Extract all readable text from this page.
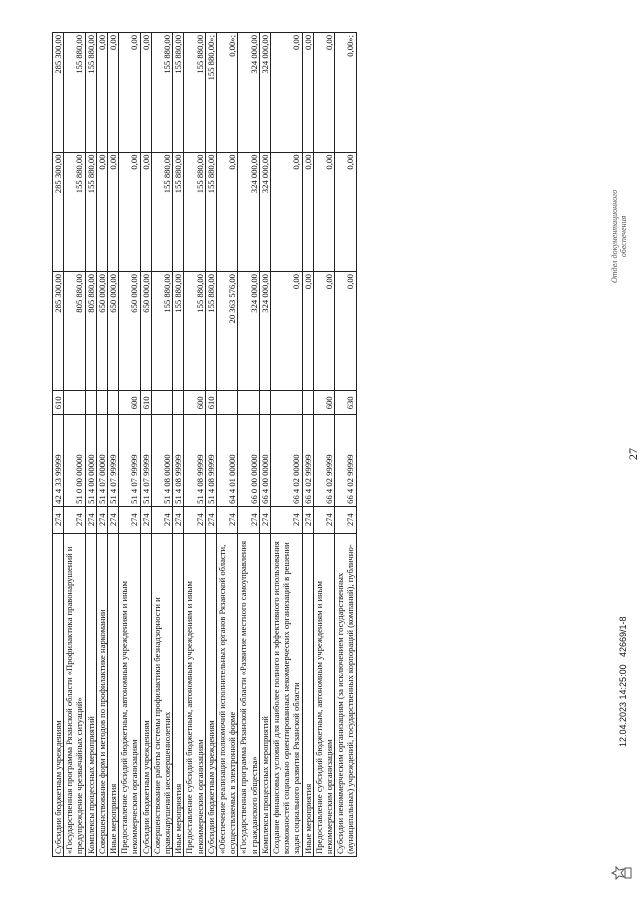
Субсидии бюджетным учреждениям	274	42 4 33 99999	610	285 300,00	285 300,00	285 300,00
«Государственная программа Рязанской области «Профилактика правонарушений и предупреждение чрезвычайных ситуаций»	274	51 0 00 00000		805 880,00	155 880,00	155 880,00
Комплексы процессных мероприятий	274	51 4 00 00000		805 880,00	155 880,00	155 880,00
Совершенствование форм и методов по профилактике наркомании	274	51 4 07 00000		650 000,00	0,00	0,00
Иные мероприятия	274	51 4 07 99999		650 000,00	0,00	0,00
Предоставление субсидий бюджетным, автономным учреждениям и иным некоммерческим организациям	274	51 4 07 99999	600	650 000,00	0,00	0,00
Субсидии бюджетным учреждениям	274	51 4 07 99999	610	650 000,00	0,00	0,00
Совершенствование работы системы профилактики безнадзорности и правонарушений несовершеннолетних	274	51 4 08 00000		155 880,00	155 880,00	155 880,00
Иные мероприятия	274	51 4 08 99999		155 880,00	155 880,00	155 880,00
Предоставление субсидий бюджетным, автономным учреждениям и иным некоммерческим организациям	274	51 4 08 99999	600	155 880,00	155 880,00	155 880,00
Субсидии бюджетным учреждениям	274	51 4 08 99999	610	155 880,00	155 880,00	155 880,00»;
«Обеспечение реализации полномочий исполнительных органов Рязанской области, осуществляемых в электронной форме	274	64 4 01 00000		20 363 576,00	0,00	0,00»;
«Государственная программа Рязанской области «Развитие местного самоуправления и гражданского общества»	274	66 0 00 00000		324 000,00	324 000,00	324 000,00
Комплексы процессных мероприятий	274	66 4 00 00000		324 000,00	324 000,00	324 000,00
Создание финансовых условий для наиболее полного и эффективного использования возможностей социально ориентированных некоммерческих организаций в решении задач социального развития Рязанской области	274	66 4 02 00000		0,00	0,00	0,00
Иные мероприятия	274	66 4 02 99999		0,00	0,00	0,00
Предоставление субсидий бюджетным, автономным учреждениям и иным некоммерческим организациям	274	66 4 02 99999	600	0,00	0,00	0,00
Субсидии некоммерческим организациям (за исключением государственных (муниципальных) учреждений, государственных корпораций (компаний), публично-	274	66 4 02 99999	630	0,00	0,00	0,00»;
27
12.04.2023 14:25:00
42669/1-8
Отдел документационного обеспечения
